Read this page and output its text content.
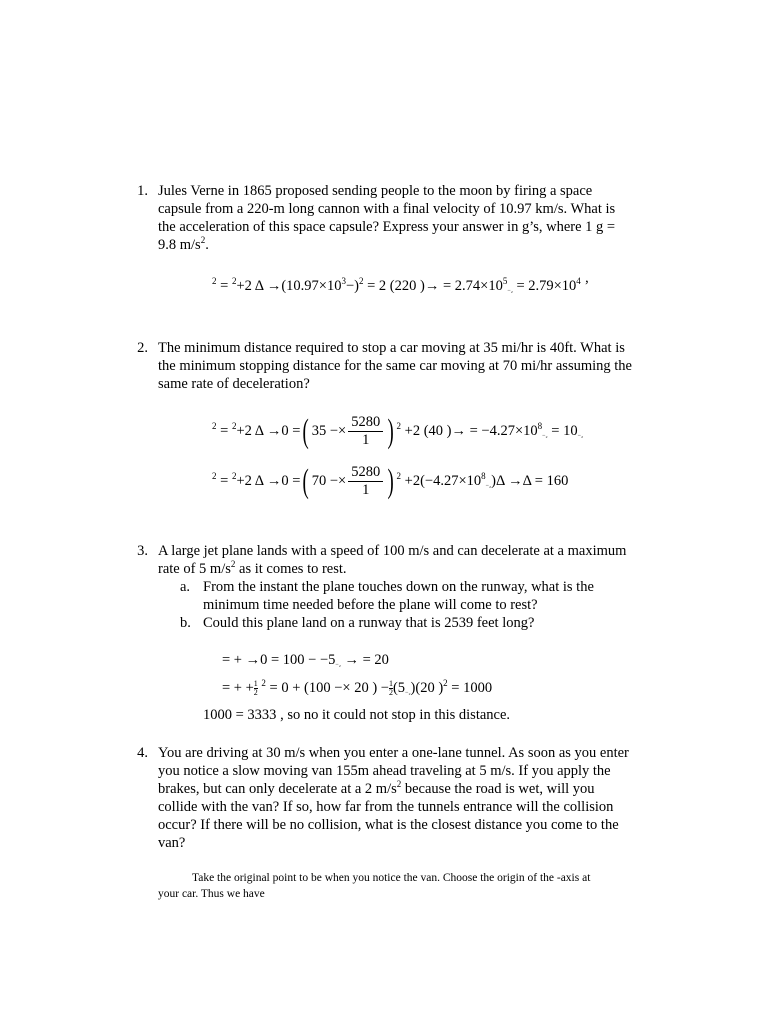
1. Jules Verne in 1865 proposed sending people to the moon by firing a space
capsule from a 220-m long cannon with a final velocity of 10.97 km/s. What is
the acceleration of this space capsule? Express your answer in g’s, where 1 g =
9.8 $m/s^2$.
$^2$ = $^2$+2 $\Delta \to(10.97\times 10^3-)^2 = 2$ (220 )→ = $2.74\times 10^5-_2 = 2.79\times 10^4$ ’
2. The minimum distance required to stop a car moving at 35 mi/hr is 40ft. What is
the minimum stopping distance for the same car moving at 70 mi/hr assuming the
same rate of deceleration?
$^2$ = $^2$+2 Δ →0 =( $35 -\times \frac{5280}{1}$ ) $^2$ +2 (40 )→ = $-4.27\times 10^8-_2 = 10-_2$
$^2$ = $^2$+2 Δ →0 =( $70 -\times \frac{5280}{1}$ ) $^2 +2(-4.27\times 10^8-_2)\Delta \to\Delta = 160$
3. A large jet plane lands with a speed of 100 m/s and can decelerate at a maximum
rate of 5 $m/s^2$ as it comes to rest.
a. From the instant the plane touches down on the runway, what is the
minimum time needed before the plane will come to rest?
b. Could this plane land on a runway that is 2539 feet long?
= + →0 = 100 − −5−₂ → = 20
= + + $\frac{1}{2} ^2 = 0 + (100 -\times 20$ ) − $\frac{1}{2} (5-_2)(20$ )$^2$ = 1000
1000 = 3333 , so no it could not stop in this distance.
4. You are driving at 30 m/s when you enter a one-lane tunnel. As soon as you enter
you notice a slow moving van 155m ahead traveling at 5 m/s. If you apply the
brakes, but can only decelerate at a 2 $m/s^2$ because the road is wet, will you
collide with the van? If so, how far from the tunnels entrance will the collision
occur? If there will be no collision, what is the closest distance you come to the
van?
Take the original point to be when you notice the van. Choose the origin of the -axis at
your car. Thus we have
